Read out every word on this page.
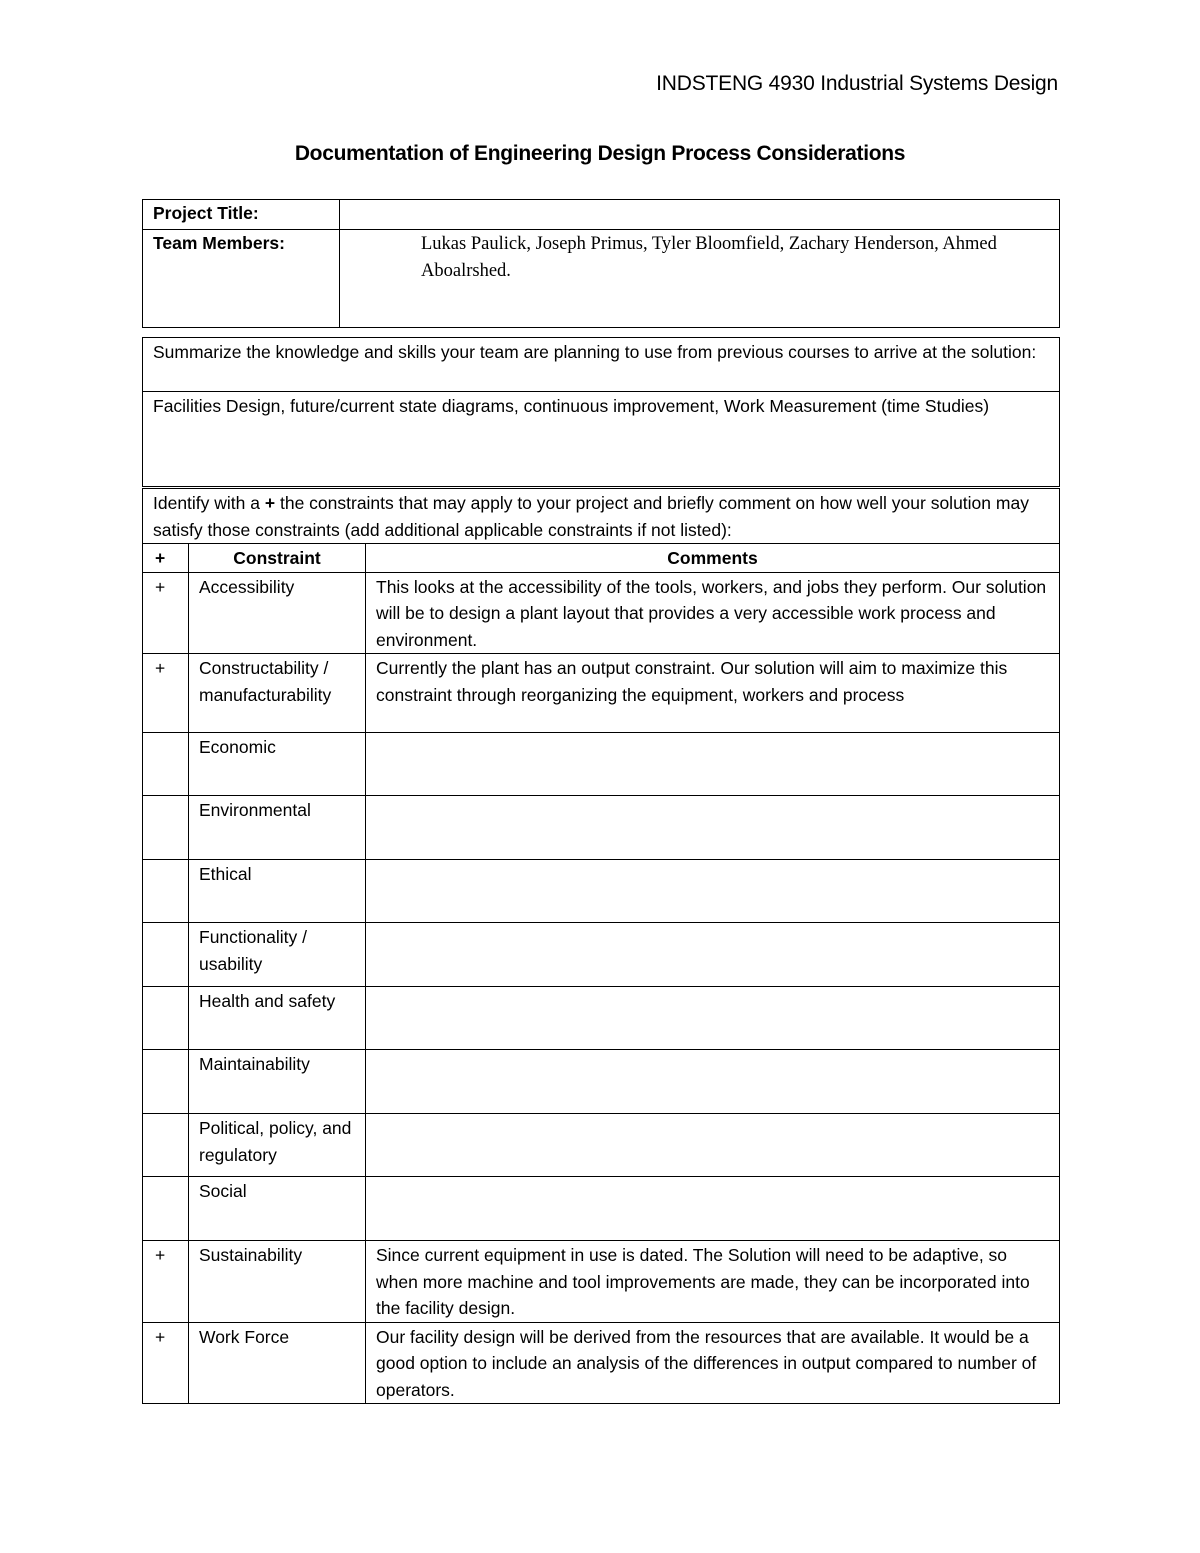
INDSTENG 4930 Industrial Systems Design
Documentation of Engineering Design Process Considerations
Project Title:	
Team Members:	Lukas Paulick, Joseph Primus, Tyler Bloomfield, Zachary Henderson, Ahmed Aboalrshed.
Summarize the knowledge and skills your team are planning to use from previous courses to arrive at the solution:
Facilities Design, future/current state diagrams, continuous improvement, Work Measurement (time Studies)
Identify with a + the constraints that may apply to your project and briefly comment on how well your solution may satisfy those constraints (add additional applicable constraints if not listed):		
+	Constraint	Comments
+	Accessibility	This looks at the accessibility of the tools, workers, and jobs they perform. Our solution will be to design a plant layout that provides a very accessible work process and environment.
+	Constructability / manufacturability	Currently the plant has an output constraint. Our solution will aim to maximize this constraint through reorganizing the equipment, workers and process
	Economic	
	Environmental	
	Ethical	
	Functionality / usability	
	Health and safety	
	Maintainability	
	Political, policy, and regulatory	
	Social	
+	Sustainability	Since current equipment in use is dated. The Solution will need to be adaptive, so when more machine and tool improvements are made, they can be incorporated into the facility design.
+	Work Force	Our facility design will be derived from the resources that are available. It would be a good option to include an analysis of the differences in output compared to number of operators.
